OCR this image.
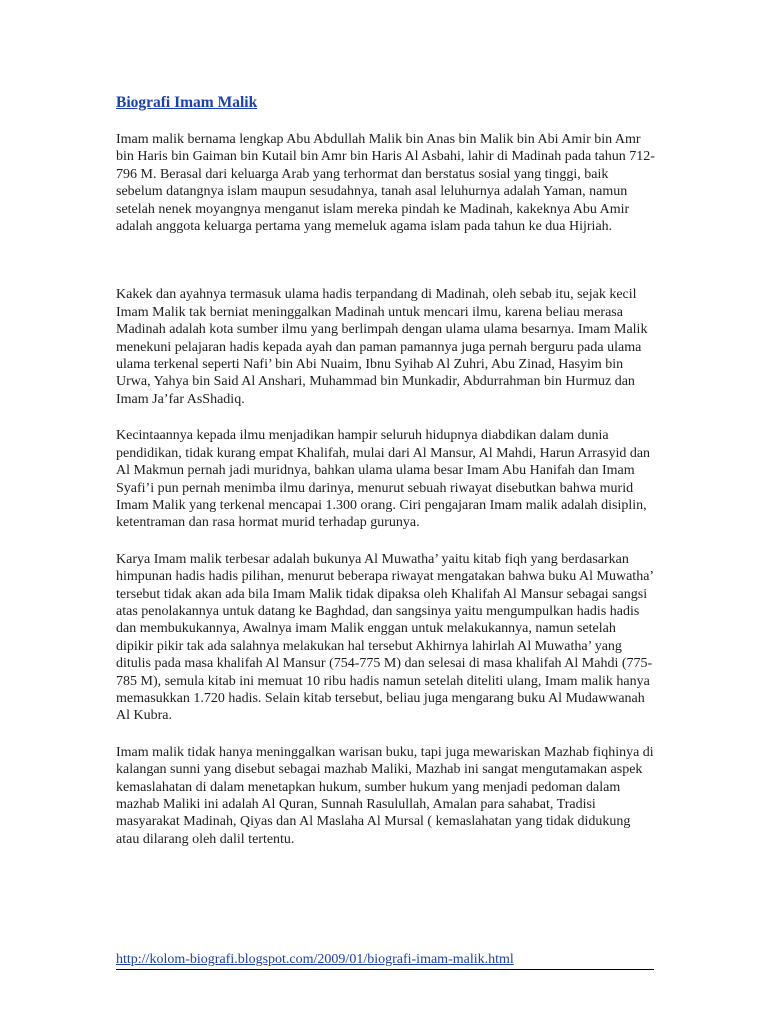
Biografi Imam Malik

Imam malik bernama lengkap Abu Abdullah Malik bin Anas bin Malik bin Abi Amir bin Amr bin Haris bin Gaiman bin Kutail bin Amr bin Haris Al Asbahi, lahir di Madinah pada tahun 712-796 M. Berasal dari keluarga Arab yang terhormat dan berstatus sosial yang tinggi, baik sebelum datangnya islam maupun sesudahnya, tanah asal leluhurnya adalah Yaman, namun setelah nenek moyangnya menganut islam mereka pindah ke Madinah, kakeknya Abu Amir adalah anggota keluarga pertama yang memeluk agama islam pada tahun ke dua Hijriah.

Kakek dan ayahnya termasuk ulama hadis terpandang di Madinah, oleh sebab itu, sejak kecil Imam Malik tak berniat meninggalkan Madinah untuk mencari ilmu, karena beliau merasa Madinah adalah kota sumber ilmu yang berlimpah dengan ulama ulama besarnya. Imam Malik menekuni pelajaran hadis kepada ayah dan paman pamannya juga pernah berguru pada ulama ulama terkenal seperti Nafi’ bin Abi Nuaim, Ibnu Syihab Al Zuhri, Abu Zinad, Hasyim bin Urwa, Yahya bin Said Al Anshari, Muhammad bin Munkadir, Abdurrahman bin Hurmuz dan Imam Ja’far AsShadiq.

Kecintaannya kepada ilmu menjadikan hampir seluruh hidupnya diabdikan dalam dunia pendidikan, tidak kurang empat Khalifah, mulai dari Al Mansur, Al Mahdi, Harun Arrasyid dan Al Makmun pernah jadi muridnya, bahkan ulama ulama besar Imam Abu Hanifah dan Imam Syafi’i pun pernah menimba ilmu darinya, menurut sebuah riwayat disebutkan bahwa murid Imam Malik yang terkenal mencapai 1.300 orang. Ciri pengajaran Imam malik adalah disiplin, ketentraman dan rasa hormat murid terhadap gurunya.

Karya Imam malik terbesar adalah bukunya Al Muwatha’ yaitu kitab fiqh yang berdasarkan himpunan hadis hadis pilihan, menurut beberapa riwayat mengatakan bahwa buku Al Muwatha’ tersebut tidak akan ada bila Imam Malik tidak dipaksa oleh Khalifah Al Mansur sebagai sangsi atas penolakannya untuk datang ke Baghdad, dan sangsinya yaitu mengumpulkan hadis hadis dan membukukannya, Awalnya imam Malik enggan untuk melakukannya, namun setelah dipikir pikir tak ada salahnya melakukan hal tersebut Akhirnya lahirlah Al Muwatha’ yang ditulis pada masa khalifah Al Mansur (754-775 M) dan selesai di masa khalifah Al Mahdi (775-785 M), semula kitab ini memuat 10 ribu hadis namun setelah diteliti ulang, Imam malik hanya memasukkan 1.720 hadis. Selain kitab tersebut, beliau juga mengarang buku Al Mudawwanah Al Kubra.

Imam malik tidak hanya meninggalkan warisan buku, tapi juga mewariskan Mazhab fiqhinya di kalangan sunni yang disebut sebagai mazhab Maliki, Mazhab ini sangat mengutamakan aspek kemaslahatan di dalam menetapkan hukum, sumber hukum yang menjadi pedoman dalam mazhab Maliki ini adalah Al Quran, Sunnah Rasulullah, Amalan para sahabat, Tradisi masyarakat Madinah, Qiyas dan Al Maslaha Al Mursal ( kemaslahatan yang tidak didukung atau dilarang oleh dalil tertentu.

http://kolom-biografi.blogspot.com/2009/01/biografi-imam-malik.html
